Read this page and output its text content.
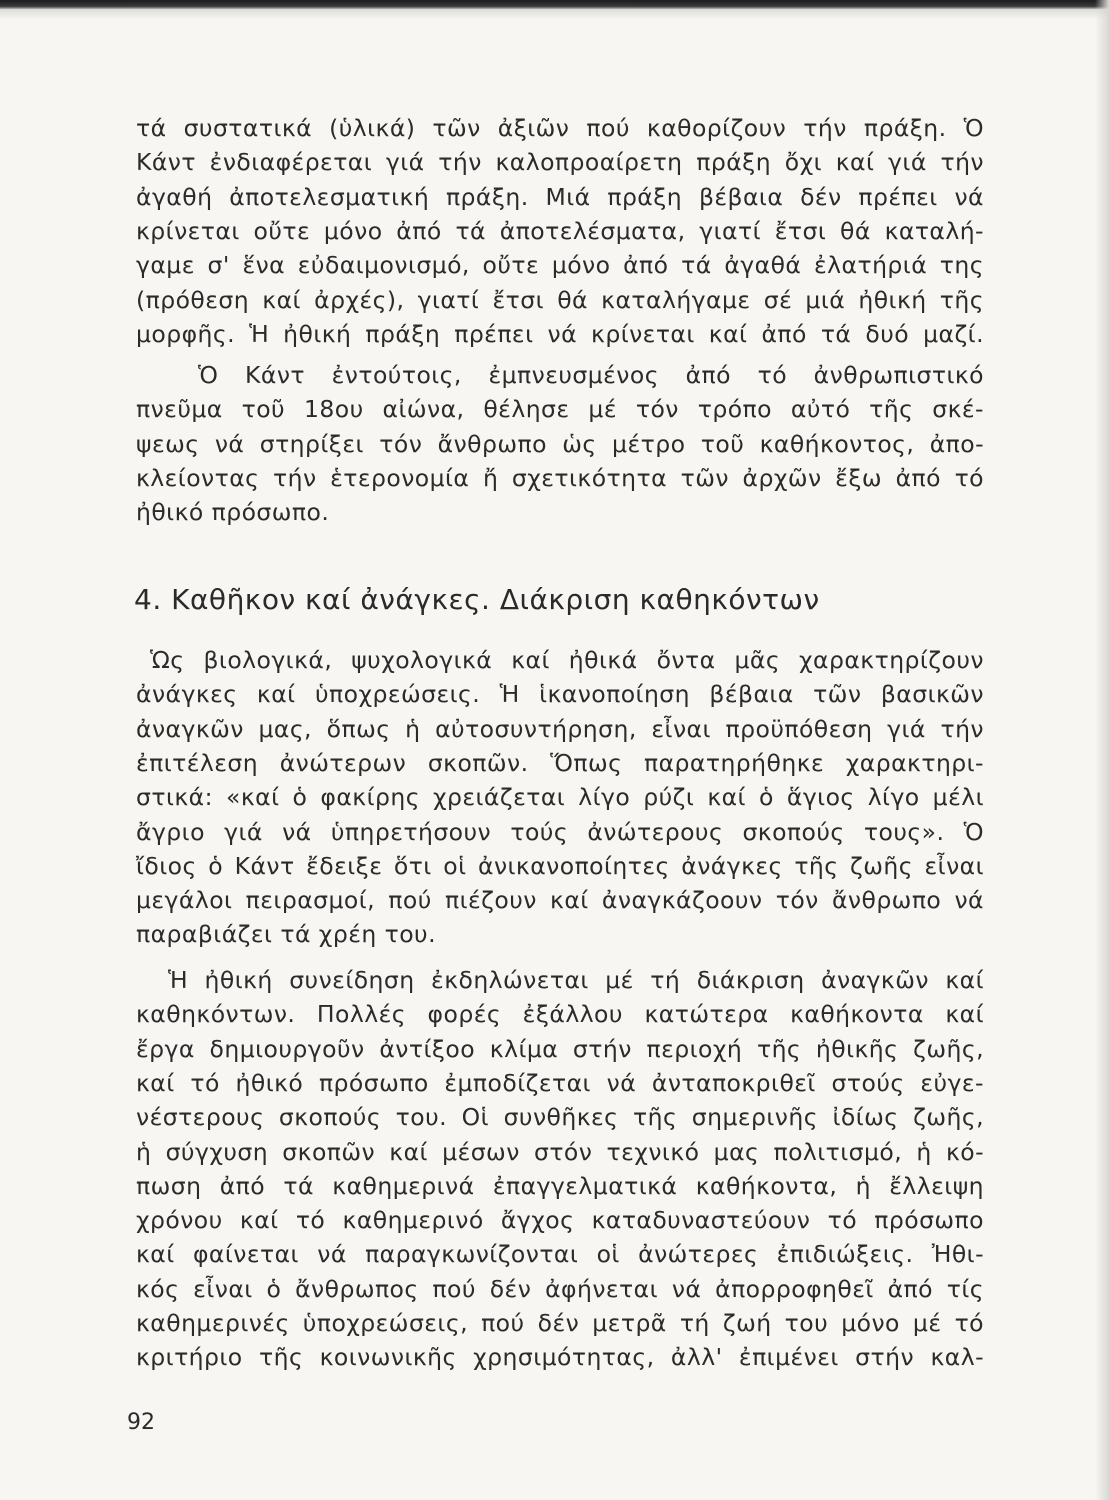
τά συστατικά (ὑλικά) τῶν ἀξιῶν πού καθορίζουν τήν πράξη. Ὁ
Κάντ ἐνδιαφέρεται γιά τήν καλοπροαίρετη πράξη ὄχι καί γιά τήν
ἀγαθή ἀποτελεσματική πράξη. Μιά πράξη βέβαια δέν πρέπει νά
κρίνεται οὔτε μόνο ἀπό τά ἀποτελέσματα, γιατί ἔτσι θά καταλή-
γαμε σ' ἕνα εὐδαιμονισμό, οὔτε μόνο ἀπό τά ἀγαθά ἐλατήριά της
(πρόθεση καί ἀρχές), γιατί ἔτσι θά καταλήγαμε σέ μιά ἠθική τῆς
μορφῆς. Ἡ ἠθική πράξη πρέπει νά κρίνεται καί ἀπό τά δυό μαζί.
Ὁ Κάντ ἐντούτοις, ἐμπνευσμένος ἀπό τό ἀνθρωπιστικό
πνεῦμα τοῦ 18ου αἰώνα, θέλησε μέ τόν τρόπο αὐτό τῆς σκέ-
ψεως νά στηρίξει τόν ἄνθρωπο ὡς μέτρο τοῦ καθήκοντος, ἀπο-
κλείοντας τήν ἑτερονομία ἤ σχετικότητα τῶν ἀρχῶν ἔξω ἀπό τό
ἠθικό πρόσωπο.
4. Καθῆκον καί ἀνάγκες. Διάκριση καθηκόντων
Ὡς βιολογικά, ψυχολογικά καί ἠθικά ὄντα μᾶς χαρακτηρίζουν
ἀνάγκες καί ὑποχρεώσεις. Ἡ ἱκανοποίηση βέβαια τῶν βασικῶν
ἀναγκῶν μας, ὅπως ἡ αὐτοσυντήρηση, εἶναι προϋπόθεση γιά τήν
ἐπιτέλεση ἀνώτερων σκοπῶν. Ὅπως παρατηρήθηκε χαρακτηρι-
στικά: «καί ὁ φακίρης χρειάζεται λίγο ρύζι καί ὁ ἅγιος λίγο μέλι
ἄγριο γιά νά ὑπηρετήσουν τούς ἀνώτερους σκοπούς τους». Ὁ
ἴδιος ὁ Κάντ ἔδειξε ὅτι οἱ ἀνικανοποίητες ἀνάγκες τῆς ζωῆς εἶναι
μεγάλοι πειρασμοί, πού πιέζουν καί ἀναγκάζοουν τόν ἄνθρωπο νά
παραβιάζει τά χρέη του.
Ἡ ἠθική συνείδηση ἐκδηλώνεται μέ τή διάκριση ἀναγκῶν καί
καθηκόντων. Πολλές φορές ἐξάλλου κατώτερα καθήκοντα καί
ἔργα δημιουργοῦν ἀντίξοο κλίμα στήν περιοχή τῆς ἠθικῆς ζωῆς,
καί τό ἠθικό πρόσωπο ἐμποδίζεται νά ἀνταποκριθεῖ στούς εὐγε-
νέστερους σκοπούς του. Οἱ συνθῆκες τῆς σημερινῆς ἰδίως ζωῆς,
ἡ σύγχυση σκοπῶν καί μέσων στόν τεχνικό μας πολιτισμό, ἡ κό-
πωση ἀπό τά καθημερινά ἐπαγγελματικά καθήκοντα, ἡ ἔλλειψη
χρόνου καί τό καθημερινό ἄγχος καταδυναστεύουν τό πρόσωπο
καί φαίνεται νά παραγκωνίζονται οἱ ἀνώτερες ἐπιδιώξεις. Ἠθι-
κός εἶναι ὁ ἄνθρωπος πού δέν ἀφήνεται νά ἀπορροφηθεῖ ἀπό τίς
καθημερινές ὑποχρεώσεις, πού δέν μετρᾶ τή ζωή του μόνο μέ τό
κριτήριο τῆς κοινωνικῆς χρησιμότητας, ἀλλ' ἐπιμένει στήν καλ-
92
